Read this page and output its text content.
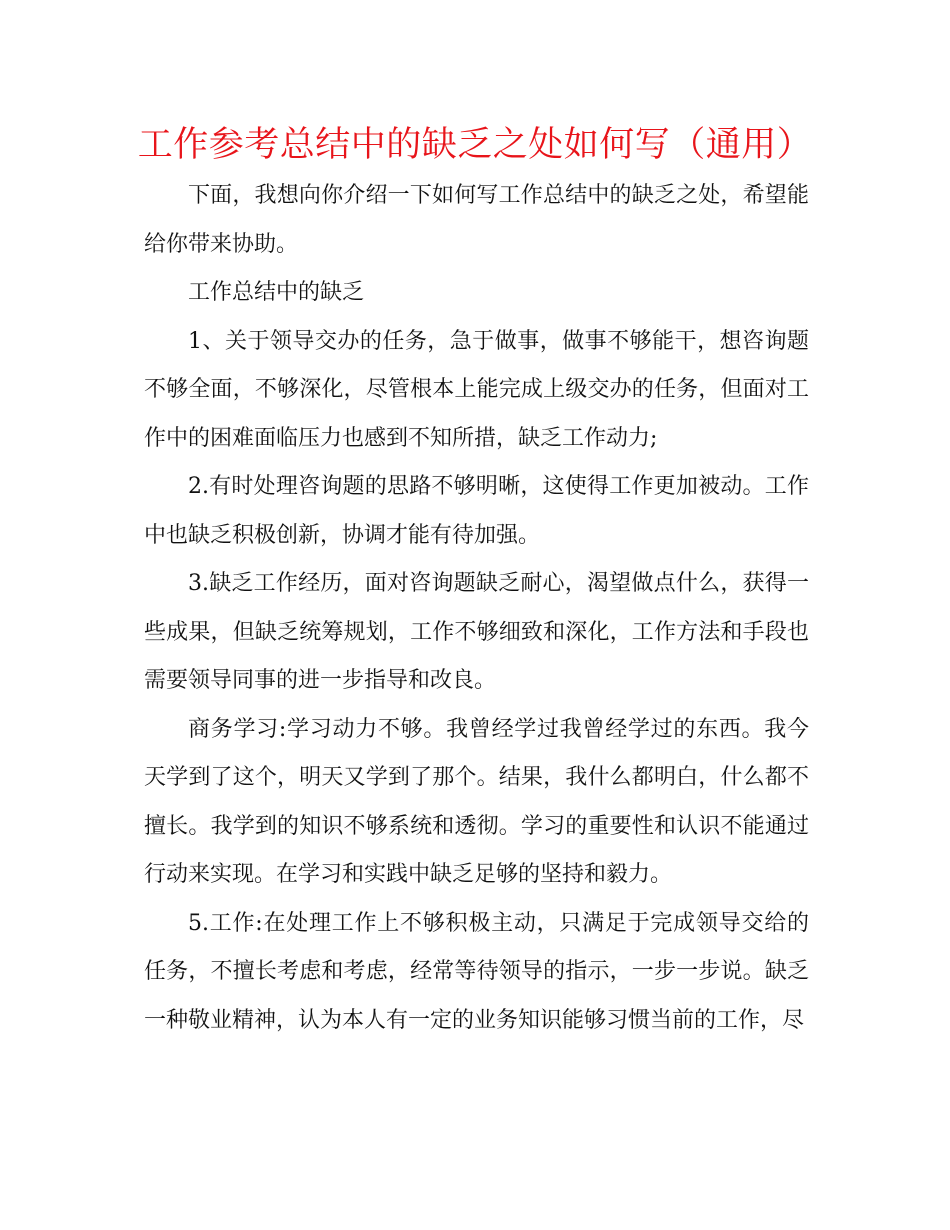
工作参考总结中的缺乏之处如何写（通用）

下面，我想向你介绍一下如何写工作总结中的缺乏之处，希望能给你带来协助。

工作总结中的缺乏

1、关于领导交办的任务，急于做事，做事不够能干，想咨询题不够全面，不够深化，尽管根本上能完成上级交办的任务，但面对工作中的困难面临压力也感到不知所措，缺乏工作动力;

2.有时处理咨询题的思路不够明晰，这使得工作更加被动。工作中也缺乏积极创新，协调才能有待加强。

3.缺乏工作经历，面对咨询题缺乏耐心，渴望做点什么，获得一些成果，但缺乏统筹规划，工作不够细致和深化，工作方法和手段也需要领导同事的进一步指导和改良。

商务学习:学习动力不够。我曾经学过我曾经学过的东西。我今天学到了这个，明天又学到了那个。结果，我什么都明白，什么都不擅长。我学到的知识不够系统和透彻。学习的重要性和认识不能通过行动来实现。在学习和实践中缺乏足够的坚持和毅力。

5.工作:在处理工作上不够积极主动，只满足于完成领导交给的任务，不擅长考虑和考虑，经常等待领导的指示，一步一步说。缺乏一种敬业精神，认为本人有一定的业务知识能够习惯当前的工作，尽
